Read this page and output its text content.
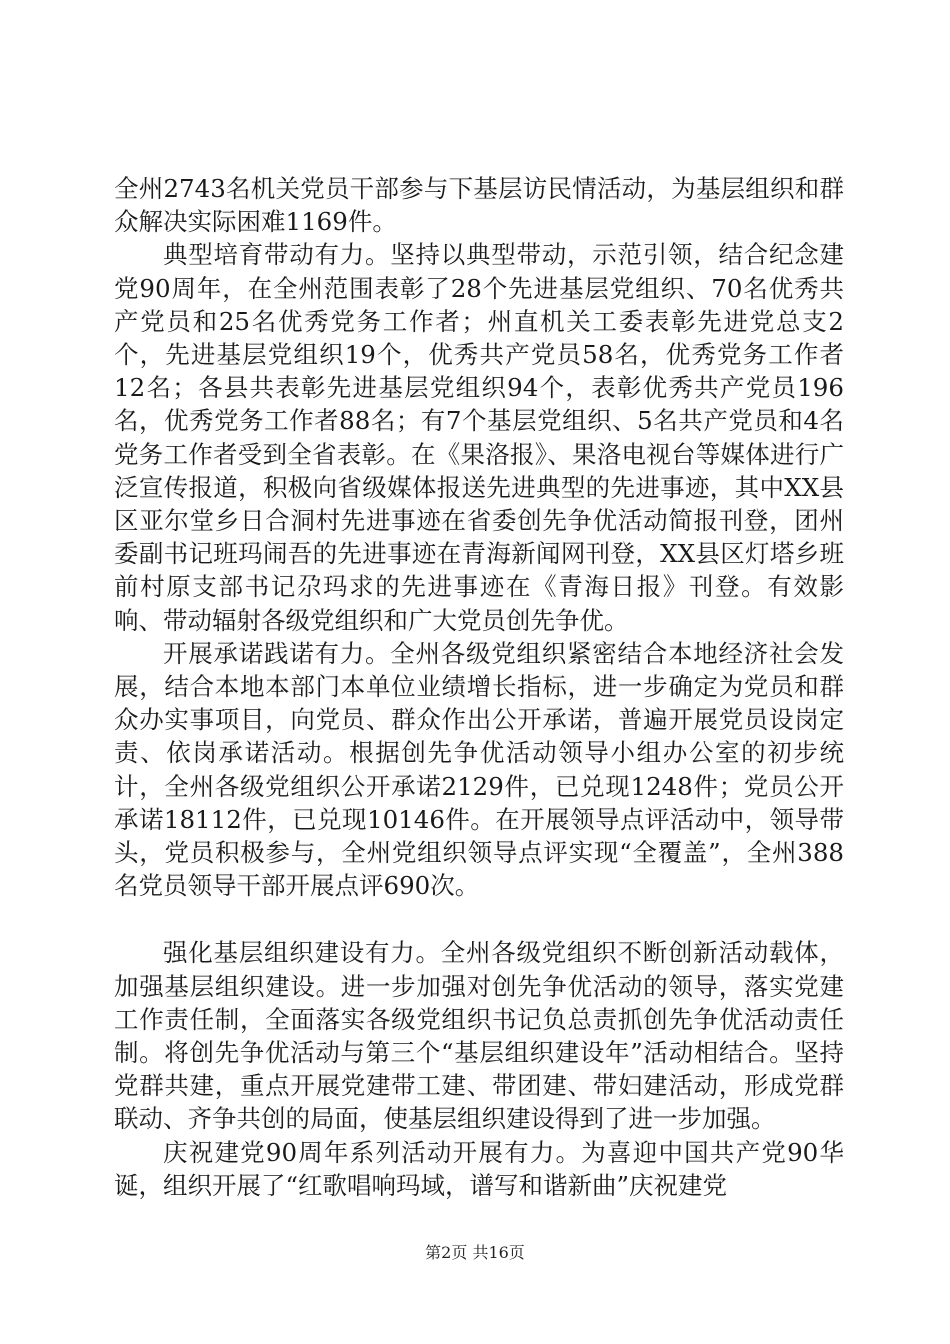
全州2743名机关党员干部参与下基层访民情活动，为基层组织和群众解决实际困难1169件。

典型培育带动有力。坚持以典型带动，示范引领，结合纪念建党90周年，在全州范围表彰了28个先进基层党组织、70名优秀共产党员和25名优秀党务工作者；州直机关工委表彰先进党总支2个，先进基层党组织19个，优秀共产党员58名，优秀党务工作者12名；各县共表彰先进基层党组织94个，表彰优秀共产党员196名，优秀党务工作者88名；有7个基层党组织、5名共产党员和4名党务工作者受到全省表彰。在《果洛报》、果洛电视台等媒体进行广泛宣传报道，积极向省级媒体报送先进典型的先进事迹，其中XX县区亚尔堂乡日合洞村先进事迹在省委创先争优活动简报刊登，团州委副书记班玛闹吾的先进事迹在青海新闻网刊登，XX县区灯塔乡班前村原支部书记尕玛求的先进事迹在《青海日报》刊登。有效影响、带动辐射各级党组织和广大党员创先争优。

开展承诺践诺有力。全州各级党组织紧密结合本地经济社会发展，结合本地本部门本单位业绩增长指标，进一步确定为党员和群众办实事项目，向党员、群众作出公开承诺，普遍开展党员设岗定责、依岗承诺活动。根据创先争优活动领导小组办公室的初步统计，全州各级党组织公开承诺2129件，已兑现1248件；党员公开承诺18112件，已兑现10146件。在开展领导点评活动中，领导带头，党员积极参与，全州党组织领导点评实现“全覆盖”，全州388名党员领导干部开展点评690次。

强化基层组织建设有力。全州各级党组织不断创新活动载体，加强基层组织建设。进一步加强对创先争优活动的领导，落实党建工作责任制，全面落实各级党组织书记负总责抓创先争优活动责任制。将创先争优活动与第三个“基层组织建设年”活动相结合。坚持党群共建，重点开展党建带工建、带团建、带妇建活动，形成党群联动、齐争共创的局面，使基层组织建设得到了进一步加强。

庆祝建党90周年系列活动开展有力。为喜迎中国共产党90华诞，组织开展了“红歌唱响玛域，谱写和谐新曲”庆祝建党

第2页 共16页
